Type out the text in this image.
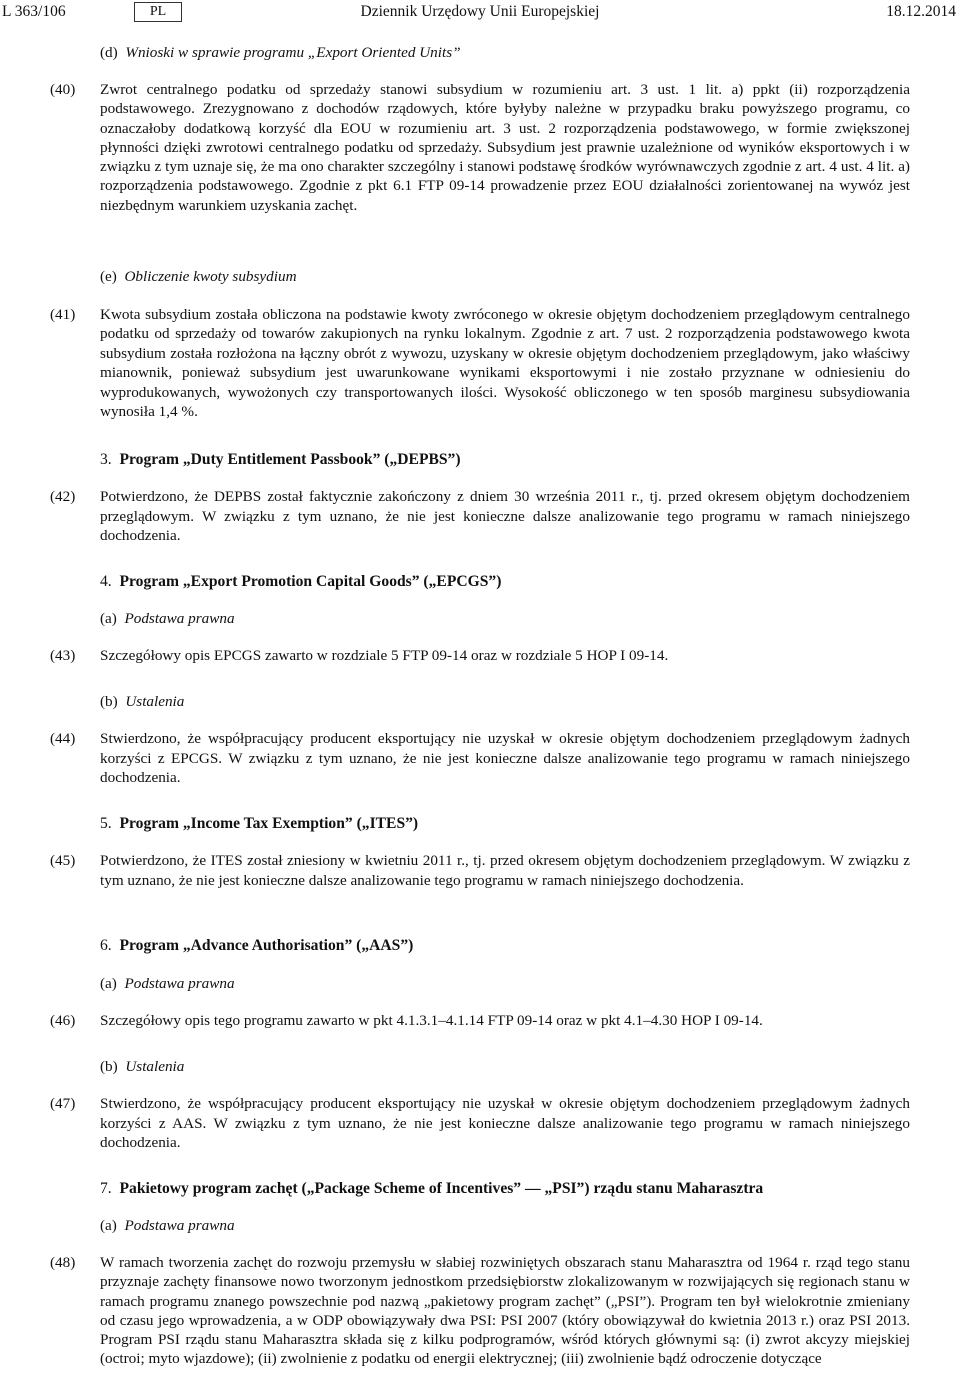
L 363/106	PL	Dziennik Urzędowy Unii Europejskiej	18.12.2014
(d) Wnioski w sprawie programu „Export Oriented Units”
(40)	Zwrot centralnego podatku od sprzedaży stanowi subsydium w rozumieniu art. 3 ust. 1 lit. a) ppkt (ii) rozporządzenia podstawowego. Zrezygnowano z dochodów rządowych, które byłyby należne w przypadku braku powyższego programu, co oznaczałoby dodatkową korzyść dla EOU w rozumieniu art. 3 ust. 2 rozporządzenia podstawowego, w formie zwiększonej płynności dzięki zwrotowi centralnego podatku od sprzedaży. Subsydium jest prawnie uzależnione od wyników eksportowych i w związku z tym uznaje się, że ma ono charakter szczególny i stanowi podstawę środków wyrównawczych zgodnie z art. 4 ust. 4 lit. a) rozporządzenia podstawowego. Zgodnie z pkt 6.1 FTP 09-14 prowadzenie przez EOU działalności zorientowanej na wywóz jest niezbędnym warunkiem uzyskania zachęt.
(e) Obliczenie kwoty subsydium
(41)	Kwota subsydium została obliczona na podstawie kwoty zwróconego w okresie objętym dochodzeniem przeglądowym centralnego podatku od sprzedaży od towarów zakupionych na rynku lokalnym. Zgodnie z art. 7 ust. 2 rozporządzenia podstawowego kwota subsydium została rozłożona na łączny obrót z wywozu, uzyskany w okresie objętym dochodzeniem przeglądowym, jako właściwy mianownik, ponieważ subsydium jest uwarunkowane wynikami eksportowymi i nie zostało przyznane w odniesieniu do wyprodukowanych, wywożonych czy transportowanych ilości. Wysokość obliczonego w ten sposób marginesu subsydiowania wynosiła 1,4 %.
3. Program „Duty Entitlement Passbook” („DEPBS”)
(42)	Potwierdzono, że DEPBS został faktycznie zakończony z dniem 30 września 2011 r., tj. przed okresem objętym dochodzeniem przeglądowym. W związku z tym uznano, że nie jest konieczne dalsze analizowanie tego programu w ramach niniejszego dochodzenia.
4. Program „Export Promotion Capital Goods” („EPCGS”)
(a) Podstawa prawna
(43)	Szczegółowy opis EPCGS zawarto w rozdziale 5 FTP 09-14 oraz w rozdziale 5 HOP I 09-14.
(b) Ustalenia
(44)	Stwierdzono, że współpracujący producent eksportujący nie uzyskał w okresie objętym dochodzeniem przeglądowym żadnych korzyści z EPCGS. W związku z tym uznano, że nie jest konieczne dalsze analizowanie tego programu w ramach niniejszego dochodzenia.
5. Program „Income Tax Exemption” („ITES”)
(45)	Potwierdzono, że ITES został zniesiony w kwietniu 2011 r., tj. przed okresem objętym dochodzeniem przeglądowym. W związku z tym uznano, że nie jest konieczne dalsze analizowanie tego programu w ramach niniejszego dochodzenia.
6. Program „Advance Authorisation” („AAS”)
(a) Podstawa prawna
(46)	Szczegółowy opis tego programu zawarto w pkt 4.1.3.1–4.1.14 FTP 09-14 oraz w pkt 4.1–4.30 HOP I 09-14.
(b) Ustalenia
(47)	Stwierdzono, że współpracujący producent eksportujący nie uzyskał w okresie objętym dochodzeniem przeglądowym żadnych korzyści z AAS. W związku z tym uznano, że nie jest konieczne dalsze analizowanie tego programu w ramach niniejszego dochodzenia.
7. Pakietowy program zachęt („Package Scheme of Incentives” — „PSI”) rządu stanu Maharasztra
(a) Podstawa prawna
(48)	W ramach tworzenia zachęt do rozwoju przemysłu w słabiej rozwiniętych obszarach stanu Maharasztra od 1964 r. rząd tego stanu przyznaje zachęty finansowe nowo tworzonym jednostkom przedsiębiorstw zlokalizowanym w rozwijających się regionach stanu w ramach programu znanego powszechnie pod nazwą „pakietowy program zachęt” („PSI”). Program ten był wielokrotnie zmieniany od czasu jego wprowadzenia, a w ODP obowiązywały dwa PSI: PSI 2007 (który obowiązywał do kwietnia 2013 r.) oraz PSI 2013. Program PSI rządu stanu Maharasztra składa się z kilku podprogramów, wśród których głównymi są: (i) zwrot akcyzy miejskiej (octroi; myto wjazdowe); (ii) zwolnienie z podatku od energii elektrycznej; (iii) zwolnienie bądź odroczenie dotyczące
